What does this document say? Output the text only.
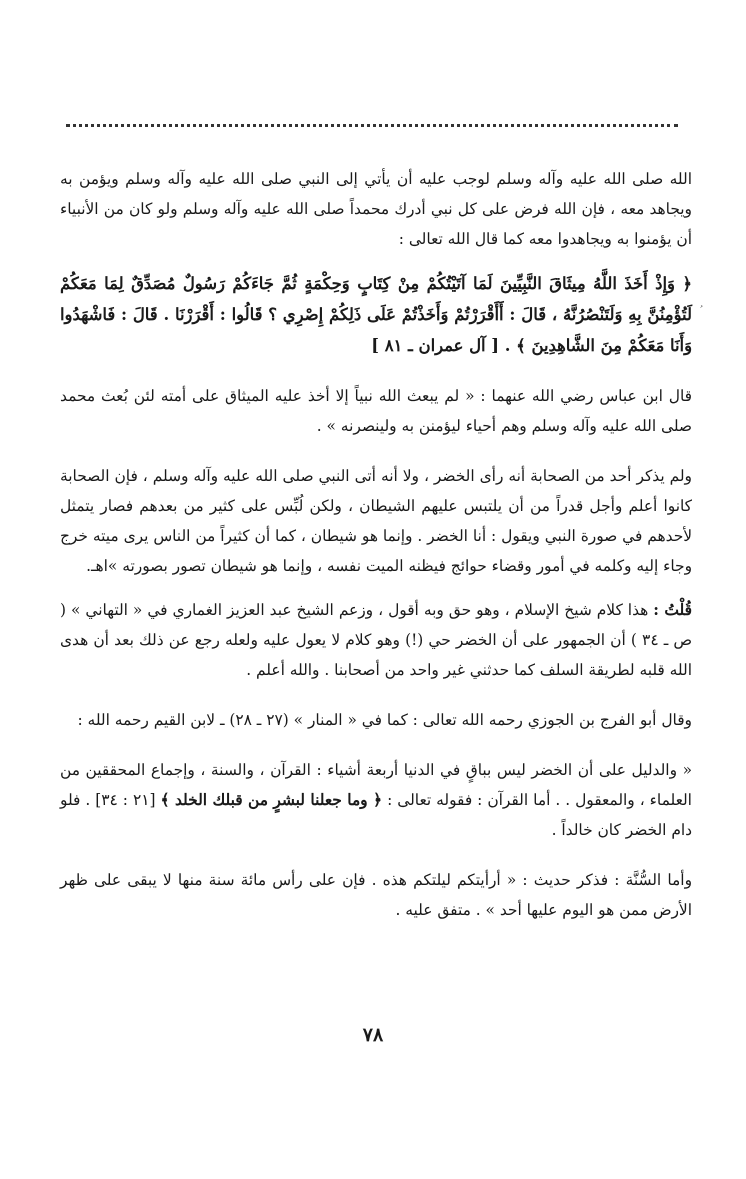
الله صلى الله عليه وآله وسلم لوجب عليه أن يأتي إلى النبي صلى الله عليه وآله وسلم ويؤمن به ويجاهد معه ، فإن الله فرض على كل نبي أدرك محمداً صلى الله عليه وآله وسلم ولو كان من الأنبياء أن يؤمنوا به ويجاهدوا معه كما قال الله تعالى :

﴿ وَإِذْ أَخَذَ اللَّهُ مِيثَاقَ النَّبِيِّينَ لَمَا آتَيْتُكُمْ مِنْ كِتَابٍ وَحِكْمَةٍ ثُمَّ جَاءَكُمْ رَسُولٌ مُصَدِّقٌ لِمَا مَعَكُمْ لَتُؤْمِنُنَّ بِهِ وَلَتَنْصُرُنَّهُ ، قَالَ : أَأَقْرَرْتُمْ وَأَخَذْتُمْ عَلَى ذَلِكُمْ إِصْرِي ؟ قَالُوا : أَقْرَرْنَا . قَالَ : فَاشْهَدُوا وَأَنَا مَعَكُمْ مِنَ الشَّاهِدِينَ ﴾ . [ آل عمران ـ ٨١ ]

قال ابن عباس رضي الله عنهما : « لم يبعث الله نبياً إلا أخذ عليه الميثاق على أمته لئن بُعث محمد صلى الله عليه وآله وسلم وهم أحياء ليؤمنن به ولينصرنه » .

ولم يذكر أحد من الصحابة أنه رأى الخضر ، ولا أنه أتى النبي صلى الله عليه وآله وسلم ، فإن الصحابة كانوا أعلم وأجل قدراً من أن يلتبس عليهم الشيطان ، ولكن لُبِّس على كثير من بعدهم فصار يتمثل لأحدهم في صورة النبي ويقول : أنا الخضر . وإنما هو شيطان ، كما أن كثيراً من الناس يرى ميته خرج وجاء إليه وكلمه في أمور وقضاء حوائج فيظنه الميت نفسه ، وإنما هو شيطان تصور بصورته »اهـ.

قُلْتُ : هذا كلام شيخ الإسلام ، وهو حق وبه أقول ، وزعم الشيخ عبد العزيز الغماري في « التهاني » ( ص ـ ٣٤ ) أن الجمهور على أن الخضر حي (!) وهو كلام لا يعول عليه ولعله رجع عن ذلك بعد أن هدى الله قلبه لطريقة السلف كما حدثني غير واحد من أصحابنا . والله أعلم .

وقال أبو الفرج بن الجوزي رحمه الله تعالى : كما في « المنار » (٢٧ ـ ٢٨) ـ لابن القيم رحمه الله :

« والدليل على أن الخضر ليس بباقٍ في الدنيا أربعة أشياء : القرآن ، والسنة ، وإجماع المحققين من العلماء ، والمعقول . . أما القرآن : فقوله تعالى : ﴿ وما جعلنا لبشرٍ من قبلك الخلد ﴾ [٢١ : ٣٤] . فلو دام الخضر كان خالداً .

وأما السُّنَّة : فذكر حديث : « أرأيتكم ليلتكم هذه . فإن على رأس مائة سنة منها لا يبقى على ظهر الأرض ممن هو اليوم عليها أحد » . متفق عليه .

ﹸ
٧٨
